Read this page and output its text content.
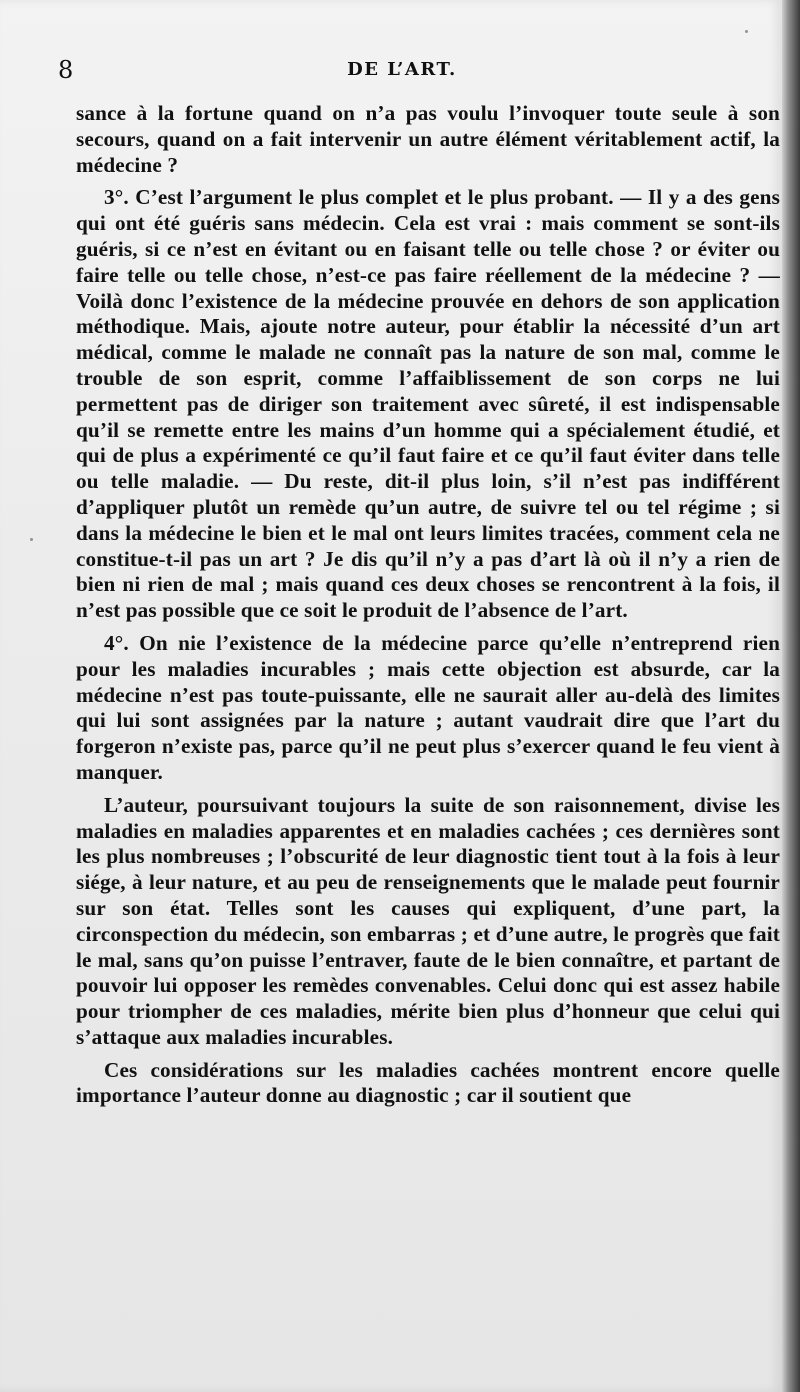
8	DE L’ART.

sance à la fortune quand on n’a pas voulu l’invoquer toute seule à son secours, quand on a fait intervenir un autre élément véritablement actif, la médecine ?

3°. C’est l’argument le plus complet et le plus probant. — Il y a des gens qui ont été guéris sans médecin. Cela est vrai : mais comment se sont-ils guéris, si ce n’est en évitant ou en faisant telle ou telle chose ? or éviter ou faire telle ou telle chose, n’est-ce pas faire réellement de la médecine ? — Voilà donc l’existence de la médecine prouvée en dehors de son application méthodique. Mais, ajoute notre auteur, pour établir la nécessité d’un art médical, comme le malade ne connaît pas la nature de son mal, comme le trouble de son esprit, comme l’affaiblissement de son corps ne lui permettent pas de diriger son traitement avec sûreté, il est indispensable qu’il se remette entre les mains d’un homme qui a spécialement étudié, et qui de plus a expérimenté ce qu’il faut faire et ce qu’il faut éviter dans telle ou telle maladie. — Du reste, dit-il plus loin, s’il n’est pas indifférent d’appliquer plutôt un remède qu’un autre, de suivre tel ou tel régime ; si dans la médecine le bien et le mal ont leurs limites tracées, comment cela ne constitue-t-il pas un art ? Je dis qu’il n’y a pas d’art là où il n’y a rien de bien ni rien de mal ; mais quand ces deux choses se rencontrent à la fois, il n’est pas possible que ce soit le produit de l’absence de l’art.

4°. On nie l’existence de la médecine parce qu’elle n’entreprend rien pour les maladies incurables ; mais cette objection est absurde, car la médecine n’est pas toute-puissante, elle ne saurait aller au-delà des limites qui lui sont assignées par la nature ; autant vaudrait dire que l’art du forgeron n’existe pas, parce qu’il ne peut plus s’exercer quand le feu vient à manquer.

L’auteur, poursuivant toujours la suite de son raisonnement, divise les maladies en maladies apparentes et en maladies cachées ; ces dernières sont les plus nombreuses ; l’obscurité de leur diagnostic tient tout à la fois à leur siége, à leur nature, et au peu de renseignements que le malade peut fournir sur son état. Telles sont les causes qui expliquent, d’une part, la circonspection du médecin, son embarras ; et d’une autre, le progrès que fait le mal, sans qu’on puisse l’entraver, faute de le bien connaître, et partant de pouvoir lui opposer les remèdes convenables. Celui donc qui est assez habile pour triompher de ces maladies, mérite bien plus d’honneur que celui qui s’attaque aux maladies incurables.

Ces considérations sur les maladies cachées montrent encore quelle importance l’auteur donne au diagnostic ; car il soutient que
